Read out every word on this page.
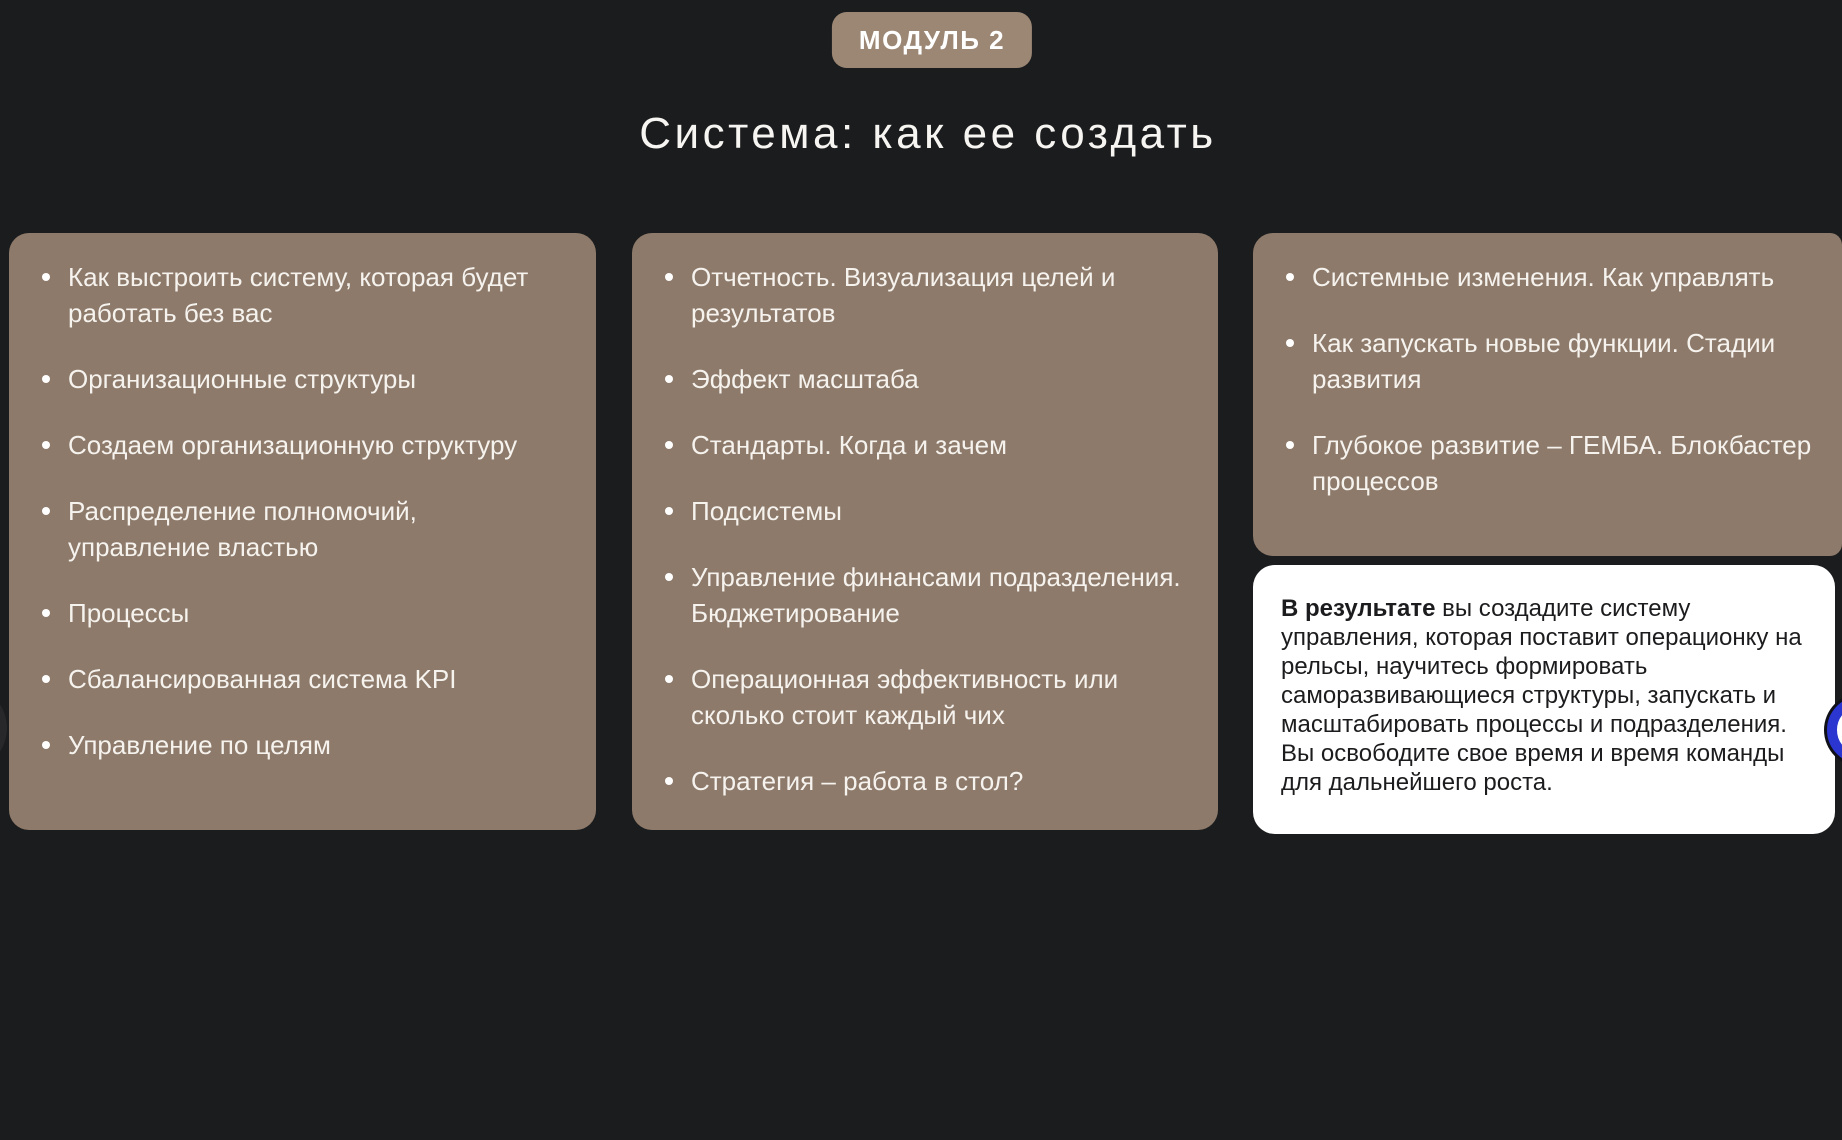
МОДУЛЬ 2
Система: как ее создать
Как выстроить систему, которая будет работать без вас
Организационные структуры
Создаем организационную структуру
Распределение полномочий, управление властью
Процессы
Сбалансированная система KPI
Управление по целям
Отчетность. Визуализация целей и результатов
Эффект масштаба
Стандарты. Когда и зачем
Подсистемы
Управление финансами подразделения. Бюджетирование
Операционная эффективность или сколько стоит каждый чих
Стратегия – работа в стол?
Системные изменения. Как управлять
Как запускать новые функции. Стадии развития
Глубокое развитие – ГЕМБА. Блокбастер процессов

В результате вы создадите систему управления, которая поставит операционку на рельсы, научитесь формировать саморазвивающиеся структуры, запускать и масштабировать процессы и подразделения. Вы освободите свое время и время команды для дальнейшего роста.
